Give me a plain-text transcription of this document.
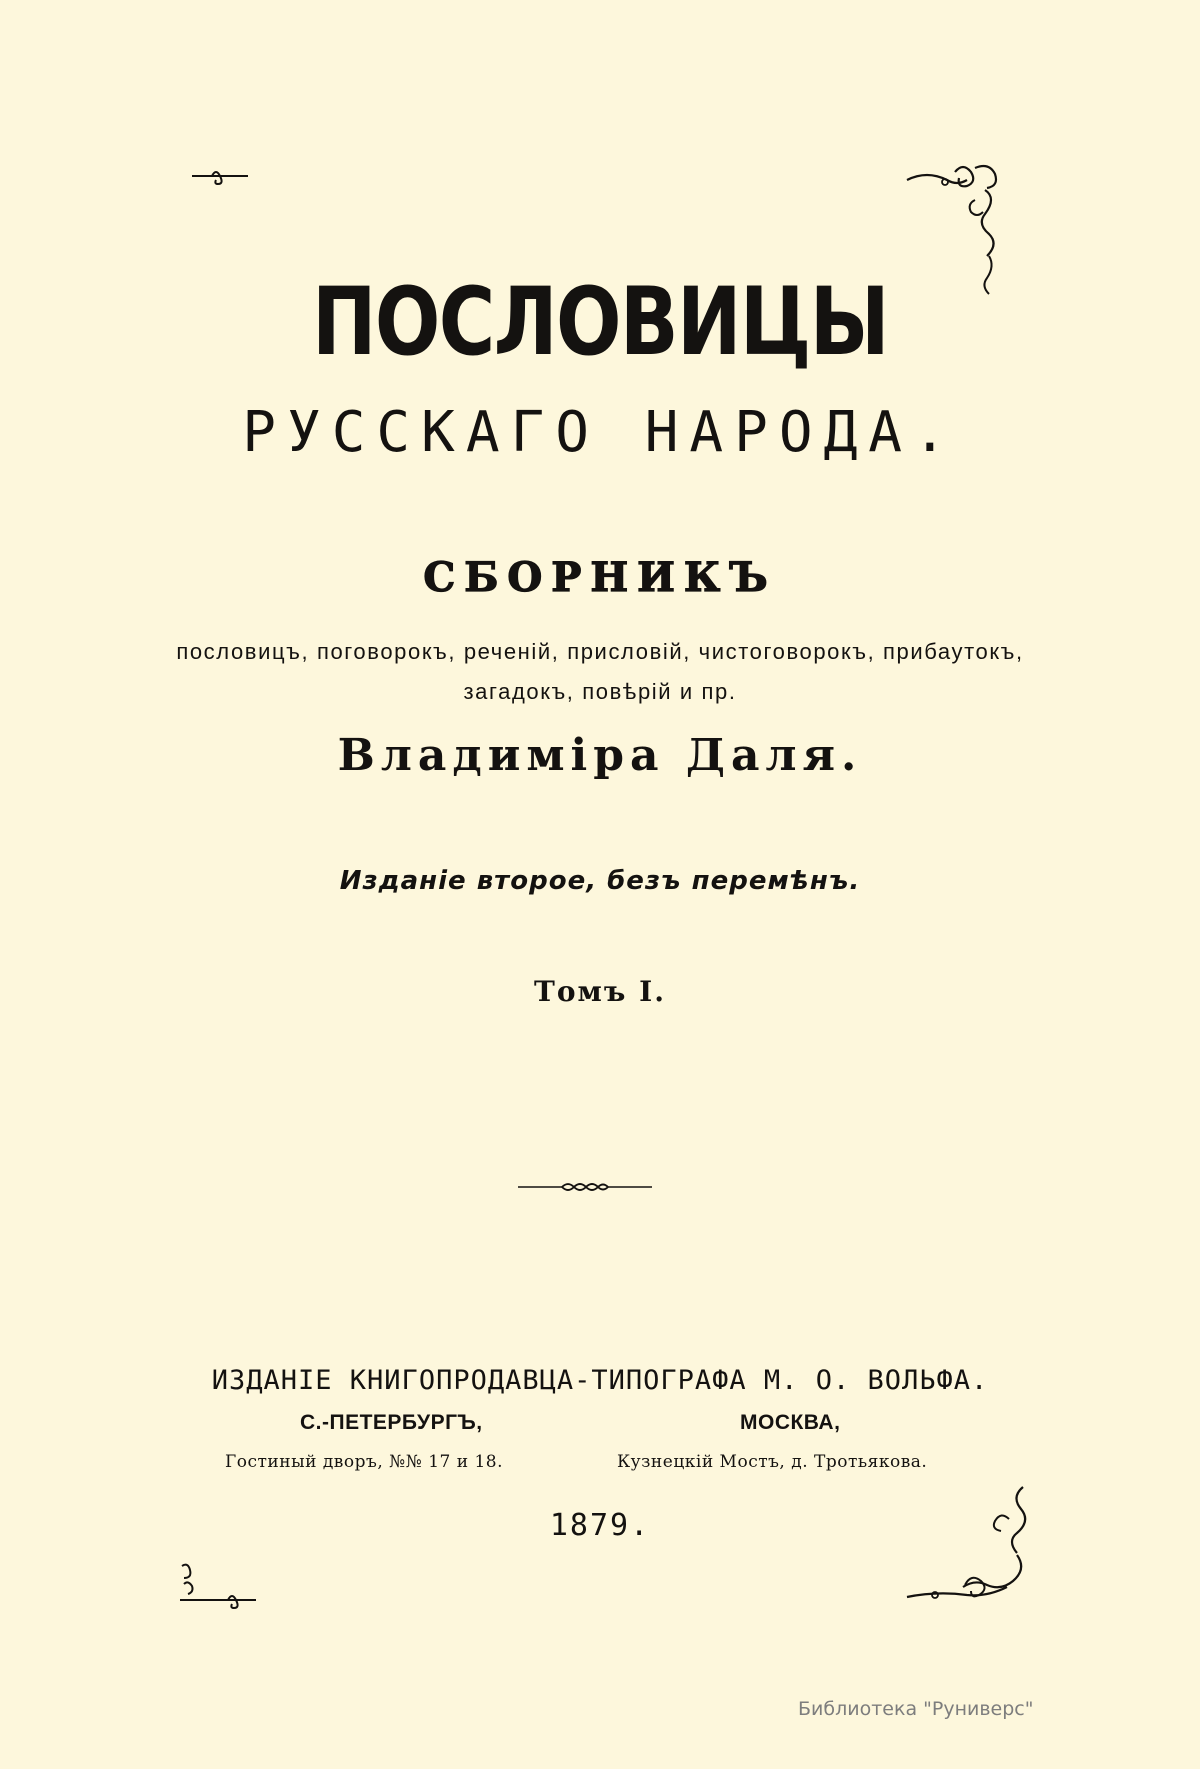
ПОСЛОВИЦЫ
РУССКАГО НАРОДА.
СБОРНИКЪ
пословицъ, поговорокъ, реченій, присловій, чистоговорокъ, прибаутокъ, загадокъ, повѣрій и пр.
Владиміра Даля.
Изданіе второе, безъ перемѣнъ.
Томъ I.
ИЗДАНІЕ КНИГОПРОДАВЦА-ТИПОГРАФА М. О. ВОЛЬФА.
С.-ПЕТЕРБУРГЪ,	МОСКВА,
Гостиный дворъ, №№ 17 и 18.	Кузнецкій Мостъ, д. Тротьякова.
1879.
Библиотека "Руниверс"
